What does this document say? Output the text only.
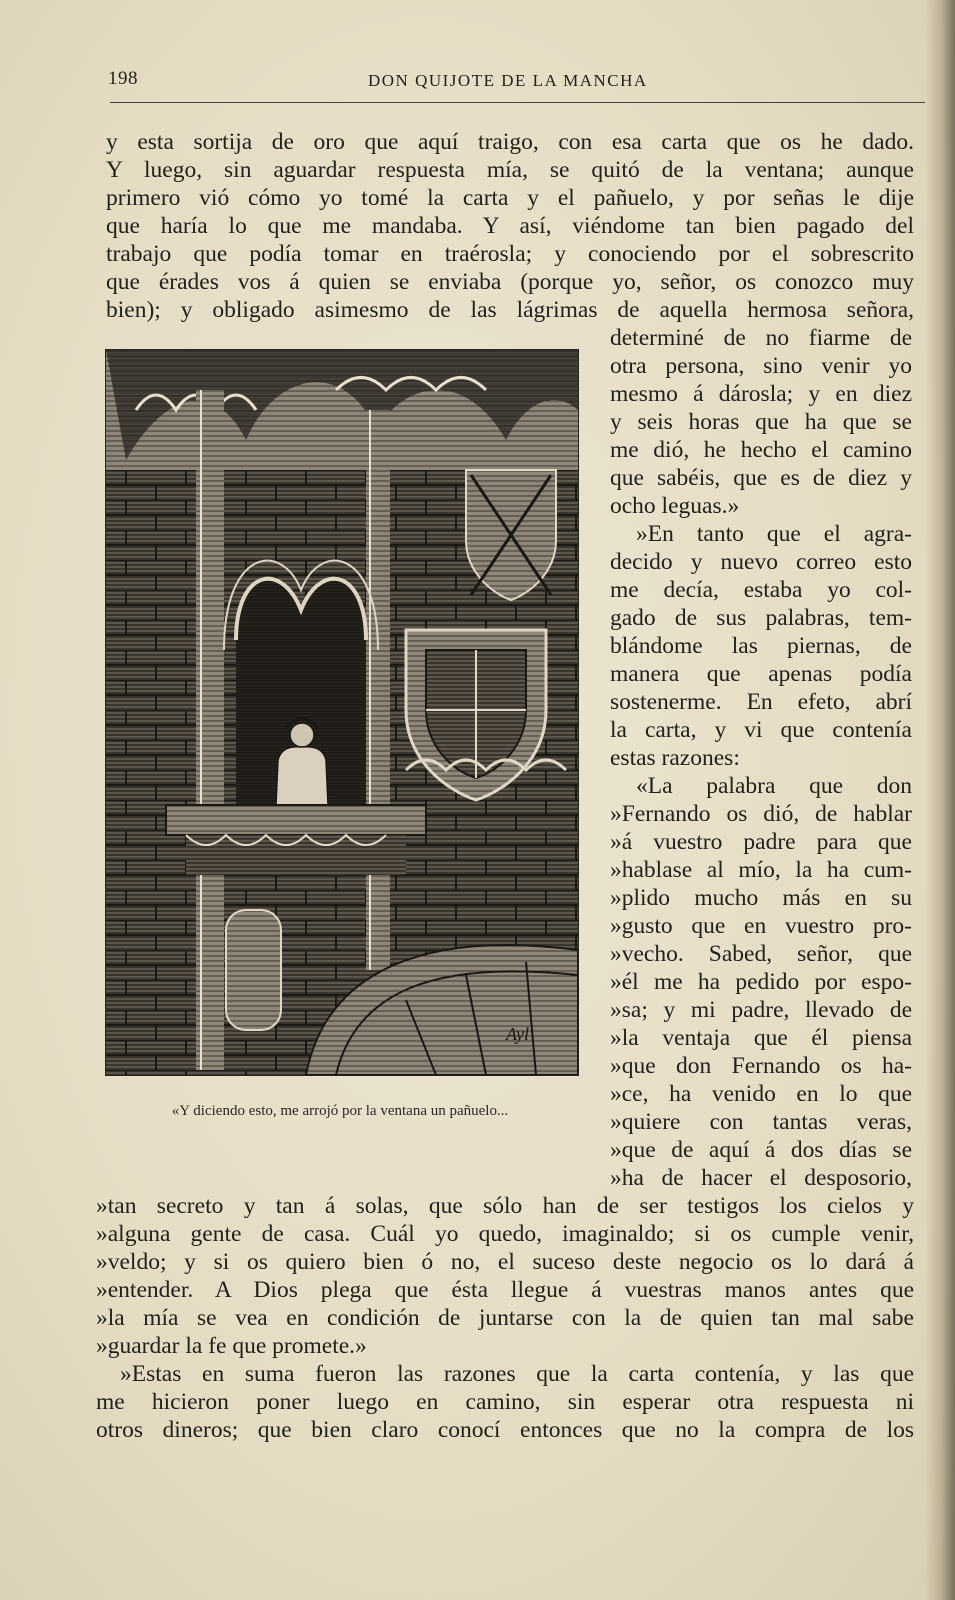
198	DON QUIJOTE DE LA MANCHA
y esta sortija de oro que aquí traigo, con esa carta que os he dado.
Y luego, sin aguardar respuesta mía, se quitó de la ventana; aunque
primero vió cómo yo tomé la carta y el pañuelo, y por señas le dije
que haría lo que me mandaba. Y así, viéndome tan bien pagado del
trabajo que podía tomar en traérosla; y conociendo por el sobrescrito
que érades vos á quien se enviaba (porque yo, señor, os conozco muy
bien); y obligado asimesmo de las lágrimas de aquella hermosa señora,
determiné de no fiarme de
otra persona, sino venir yo
mesmo á dárosla; y en diez
y seis horas que ha que se
me dió, he hecho el camino
que sabéis, que es de diez y
ocho leguas.»
»En tanto que el agra-
decido y nuevo correo esto
me decía, estaba yo col-
gado de sus palabras, tem-
blándome las piernas, de
manera que apenas podía
sostenerme. En efeto, abrí
la carta, y vi que contenía
estas razones:
«La palabra que don
»Fernando os dió, de hablar
»á vuestro padre para que
»hablase al mío, la ha cum-
»plido mucho más en su
»gusto que en vuestro pro-
»vecho. Sabed, señor, que
»él me ha pedido por espo-
»sa; y mi padre, llevado de
»la ventaja que él piensa
»que don Fernando os ha-
»ce, ha venido en lo que
»quiere con tantas veras,
»que de aquí á dos días se
»ha de hacer el desposorio,
»tan secreto y tan á solas, que sólo han de ser testigos los cielos y
»alguna gente de casa. Cuál yo quedo, imaginaldo; si os cumple venir,
»veldo; y si os quiero bien ó no, el suceso deste negocio os lo dará á
»entender. A Dios plega que ésta llegue á vuestras manos antes que
»la mía se vea en condición de juntarse con la de quien tan mal sabe
»guardar la fe que promete.»
»Estas en suma fueron las razones que la carta contenía, y las que
me hicieron poner luego en camino, sin esperar otra respuesta ni
otros dineros; que bien claro conocí entonces que no la compra de los
Ayl
«Y diciendo esto, me arrojó por la ventana un pañuelo...
